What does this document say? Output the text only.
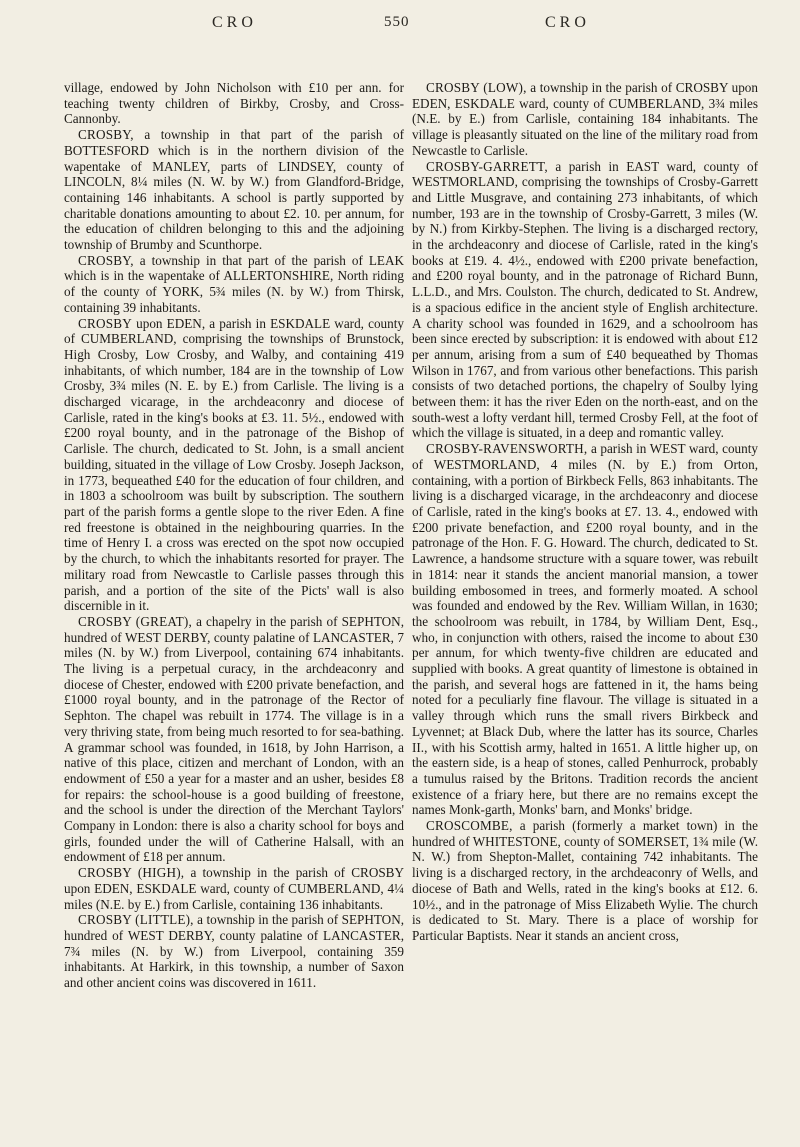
CRO	550	CRO

village, endowed by John Nicholson with £10 per ann. for teaching twenty children of Birkby, Crosby, and Cross-Cannonby.

CROSBY, a township in that part of the parish of BOTTESFORD which is in the northern division of the wapentake of MANLEY, parts of LINDSEY, county of LINCOLN, 8¼ miles (N. W. by W.) from Glandford-Bridge, containing 146 inhabitants. A school is partly supported by charitable donations amounting to about £2. 10. per annum, for the education of children belonging to this and the adjoining township of Brumby and Scunthorpe.

CROSBY, a township in that part of the parish of LEAK which is in the wapentake of ALLERTONSHIRE, North riding of the county of YORK, 5¾ miles (N. by W.) from Thirsk, containing 39 inhabitants.

CROSBY upon EDEN, a parish in ESKDALE ward, county of CUMBERLAND, comprising the townships of Brunstock, High Crosby, Low Crosby, and Walby, and containing 419 inhabitants, of which number, 184 are in the township of Low Crosby, 3¾ miles (N. E. by E.) from Carlisle. The living is a discharged vicarage, in the archdeaconry and diocese of Carlisle, rated in the king's books at £3. 11. 5½., endowed with £200 royal bounty, and in the patronage of the Bishop of Carlisle. The church, dedicated to St. John, is a small ancient building, situated in the village of Low Crosby. Joseph Jackson, in 1773, bequeathed £40 for the education of four children, and in 1803 a schoolroom was built by subscription. The southern part of the parish forms a gentle slope to the river Eden. A fine red freestone is obtained in the neighbouring quarries. In the time of Henry I. a cross was erected on the spot now occupied by the church, to which the inhabitants resorted for prayer. The military road from Newcastle to Carlisle passes through this parish, and a portion of the site of the Picts' wall is also discernible in it.

CROSBY (GREAT), a chapelry in the parish of SEPHTON, hundred of WEST DERBY, county palatine of LANCASTER, 7 miles (N. by W.) from Liverpool, containing 674 inhabitants. The living is a perpetual curacy, in the archdeaconry and diocese of Chester, endowed with £200 private benefaction, and £1000 royal bounty, and in the patronage of the Rector of Sephton. The chapel was rebuilt in 1774. The village is in a very thriving state, from being much resorted to for sea-bathing. A grammar school was founded, in 1618, by John Harrison, a native of this place, citizen and merchant of London, with an endowment of £50 a year for a master and an usher, besides £8 for repairs: the school-house is a good building of freestone, and the school is under the direction of the Merchant Taylors' Company in London: there is also a charity school for boys and girls, founded under the will of Catherine Halsall, with an endowment of £18 per annum.

CROSBY (HIGH), a township in the parish of CROSBY upon EDEN, ESKDALE ward, county of CUMBERLAND, 4¼ miles (N.E. by E.) from Carlisle, containing 136 inhabitants.

CROSBY (LITTLE), a township in the parish of SEPHTON, hundred of WEST DERBY, county palatine of LANCASTER, 7¾ miles (N. by W.) from Liverpool, containing 359 inhabitants. At Harkirk, in this township, a number of Saxon and other ancient coins was discovered in 1611.

CROSBY (LOW), a township in the parish of CROSBY upon EDEN, ESKDALE ward, county of CUMBERLAND, 3¾ miles (N.E. by E.) from Carlisle, containing 184 inhabitants. The village is pleasantly situated on the line of the military road from Newcastle to Carlisle.

CROSBY-GARRETT, a parish in EAST ward, county of WESTMORLAND, comprising the townships of Crosby-Garrett and Little Musgrave, and containing 273 inhabitants, of which number, 193 are in the township of Crosby-Garrett, 3 miles (W. by N.) from Kirkby-Stephen. The living is a discharged rectory, in the archdeaconry and diocese of Carlisle, rated in the king's books at £19. 4. 4½., endowed with £200 private benefaction, and £200 royal bounty, and in the patronage of Richard Bunn, L.L.D., and Mrs. Coulston. The church, dedicated to St. Andrew, is a spacious edifice in the ancient style of English architecture. A charity school was founded in 1629, and a schoolroom has been since erected by subscription: it is endowed with about £12 per annum, arising from a sum of £40 bequeathed by Thomas Wilson in 1767, and from various other benefactions. This parish consists of two detached portions, the chapelry of Soulby lying between them: it has the river Eden on the north-east, and on the south-west a lofty verdant hill, termed Crosby Fell, at the foot of which the village is situated, in a deep and romantic valley.

CROSBY-RAVENSWORTH, a parish in WEST ward, county of WESTMORLAND, 4 miles (N. by E.) from Orton, containing, with a portion of Birkbeck Fells, 863 inhabitants. The living is a discharged vicarage, in the archdeaconry and diocese of Carlisle, rated in the king's books at £7. 13. 4., endowed with £200 private benefaction, and £200 royal bounty, and in the patronage of the Hon. F. G. Howard. The church, dedicated to St. Lawrence, a handsome structure with a square tower, was rebuilt in 1814: near it stands the ancient manorial mansion, a tower building embosomed in trees, and formerly moated. A school was founded and endowed by the Rev. William Willan, in 1630; the schoolroom was rebuilt, in 1784, by William Dent, Esq., who, in conjunction with others, raised the income to about £30 per annum, for which twenty-five children are educated and supplied with books. A great quantity of limestone is obtained in the parish, and several hogs are fattened in it, the hams being noted for a peculiarly fine flavour. The village is situated in a valley through which runs the small rivers Birkbeck and Lyvennet; at Black Dub, where the latter has its source, Charles II., with his Scottish army, halted in 1651. A little higher up, on the eastern side, is a heap of stones, called Penhurrock, probably a tumulus raised by the Britons. Tradition records the ancient existence of a friary here, but there are no remains except the names Monk-garth, Monks' barn, and Monks' bridge.

CROSCOMBE, a parish (formerly a market town) in the hundred of WHITESTONE, county of SOMERSET, 1¾ mile (W. N. W.) from Shepton-Mallet, containing 742 inhabitants. The living is a discharged rectory, in the archdeaconry of Wells, and diocese of Bath and Wells, rated in the king's books at £12. 6. 10½., and in the patronage of Miss Elizabeth Wylie. The church is dedicated to St. Mary. There is a place of worship for Particular Baptists. Near it stands an ancient cross,
